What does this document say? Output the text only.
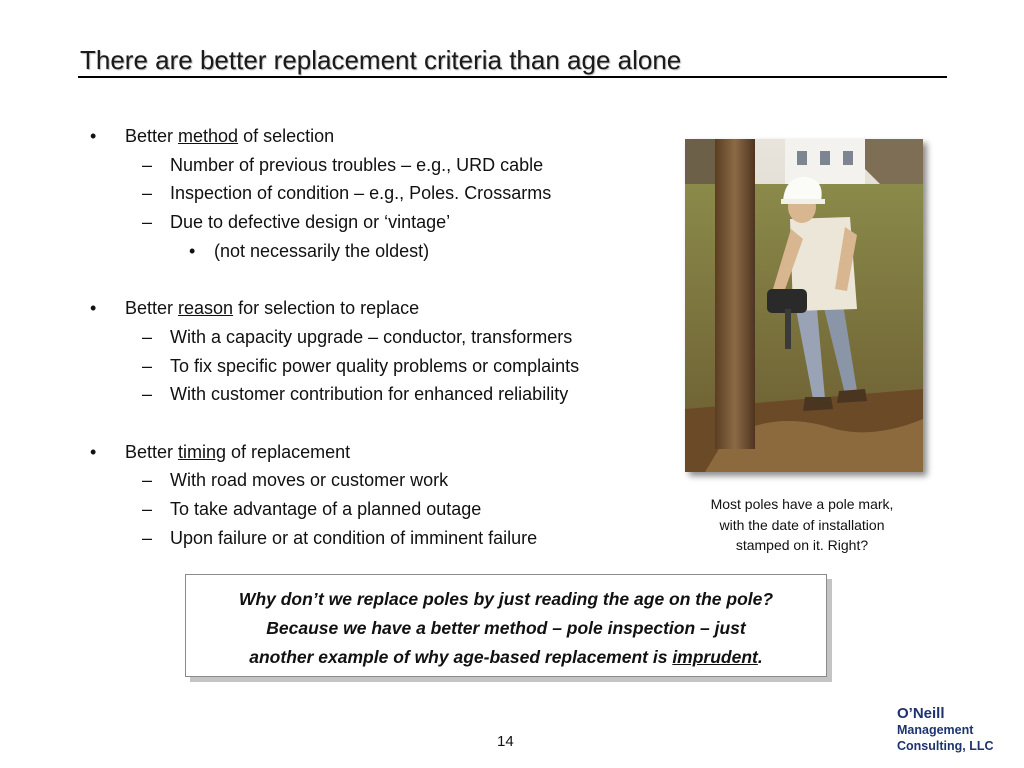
There are better replacement criteria than age alone
• Better method of selection
– Number of previous troubles – e.g., URD cable
– Inspection of condition – e.g., Poles. Crossarms
– Due to defective design or ‘vintage’
• (not necessarily the oldest)
• Better reason for selection to replace
– With a capacity upgrade – conductor, transformers
– To fix specific power quality problems or complaints
– With customer contribution for enhanced reliability
• Better timing of replacement
– With road moves or customer work
– To take advantage of a planned outage
– Upon failure or at condition of imminent failure
Most poles have a pole mark,
with the date of installation
stamped on it. Right?
Why don’t we replace poles by just reading the age on the pole?
Because we have a better method – pole inspection – just
another example of why age-based replacement is imprudent.
14
O’Neill
Management
Consulting, LLC
